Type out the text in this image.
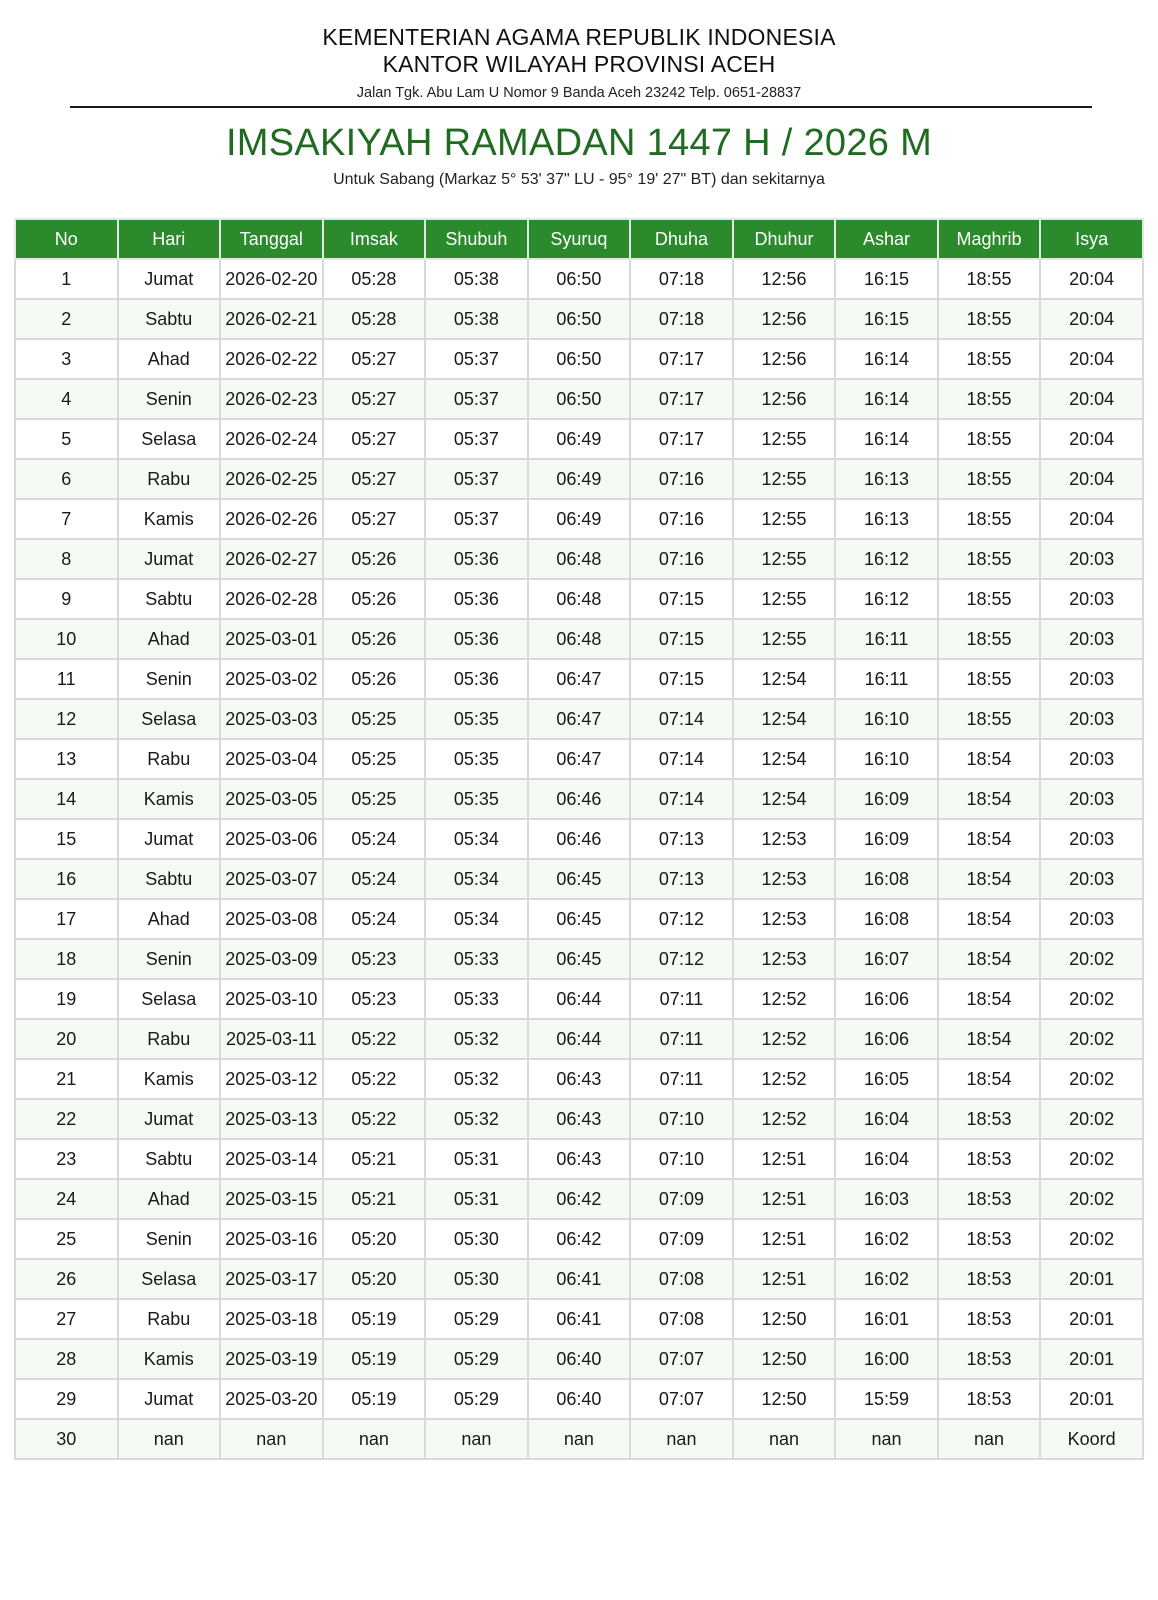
KEMENTERIAN AGAMA REPUBLIK INDONESIA
KANTOR WILAYAH PROVINSI ACEH
Jalan Tgk. Abu Lam U Nomor 9 Banda Aceh 23242 Telp. 0651-28837
IMSAKIYAH RAMADAN 1447 H / 2026 M
Untuk Sabang (Markaz 5° 53' 37" LU - 95° 19' 27" BT) dan sekitarnya
No	Hari	Tanggal	Imsak	Shubuh	Syuruq	Dhuha	Dhuhur	Ashar	Maghrib	Isya
1	Jumat	2026-02-20	05:28	05:38	06:50	07:18	12:56	16:15	18:55	20:04
2	Sabtu	2026-02-21	05:28	05:38	06:50	07:18	12:56	16:15	18:55	20:04
3	Ahad	2026-02-22	05:27	05:37	06:50	07:17	12:56	16:14	18:55	20:04
4	Senin	2026-02-23	05:27	05:37	06:50	07:17	12:56	16:14	18:55	20:04
5	Selasa	2026-02-24	05:27	05:37	06:49	07:17	12:55	16:14	18:55	20:04
6	Rabu	2026-02-25	05:27	05:37	06:49	07:16	12:55	16:13	18:55	20:04
7	Kamis	2026-02-26	05:27	05:37	06:49	07:16	12:55	16:13	18:55	20:04
8	Jumat	2026-02-27	05:26	05:36	06:48	07:16	12:55	16:12	18:55	20:03
9	Sabtu	2026-02-28	05:26	05:36	06:48	07:15	12:55	16:12	18:55	20:03
10	Ahad	2025-03-01	05:26	05:36	06:48	07:15	12:55	16:11	18:55	20:03
11	Senin	2025-03-02	05:26	05:36	06:47	07:15	12:54	16:11	18:55	20:03
12	Selasa	2025-03-03	05:25	05:35	06:47	07:14	12:54	16:10	18:55	20:03
13	Rabu	2025-03-04	05:25	05:35	06:47	07:14	12:54	16:10	18:54	20:03
14	Kamis	2025-03-05	05:25	05:35	06:46	07:14	12:54	16:09	18:54	20:03
15	Jumat	2025-03-06	05:24	05:34	06:46	07:13	12:53	16:09	18:54	20:03
16	Sabtu	2025-03-07	05:24	05:34	06:45	07:13	12:53	16:08	18:54	20:03
17	Ahad	2025-03-08	05:24	05:34	06:45	07:12	12:53	16:08	18:54	20:03
18	Senin	2025-03-09	05:23	05:33	06:45	07:12	12:53	16:07	18:54	20:02
19	Selasa	2025-03-10	05:23	05:33	06:44	07:11	12:52	16:06	18:54	20:02
20	Rabu	2025-03-11	05:22	05:32	06:44	07:11	12:52	16:06	18:54	20:02
21	Kamis	2025-03-12	05:22	05:32	06:43	07:11	12:52	16:05	18:54	20:02
22	Jumat	2025-03-13	05:22	05:32	06:43	07:10	12:52	16:04	18:53	20:02
23	Sabtu	2025-03-14	05:21	05:31	06:43	07:10	12:51	16:04	18:53	20:02
24	Ahad	2025-03-15	05:21	05:31	06:42	07:09	12:51	16:03	18:53	20:02
25	Senin	2025-03-16	05:20	05:30	06:42	07:09	12:51	16:02	18:53	20:02
26	Selasa	2025-03-17	05:20	05:30	06:41	07:08	12:51	16:02	18:53	20:01
27	Rabu	2025-03-18	05:19	05:29	06:41	07:08	12:50	16:01	18:53	20:01
28	Kamis	2025-03-19	05:19	05:29	06:40	07:07	12:50	16:00	18:53	20:01
29	Jumat	2025-03-20	05:19	05:29	06:40	07:07	12:50	15:59	18:53	20:01
30	nan	nan	nan	nan	nan	nan	nan	nan	nan	Koord
